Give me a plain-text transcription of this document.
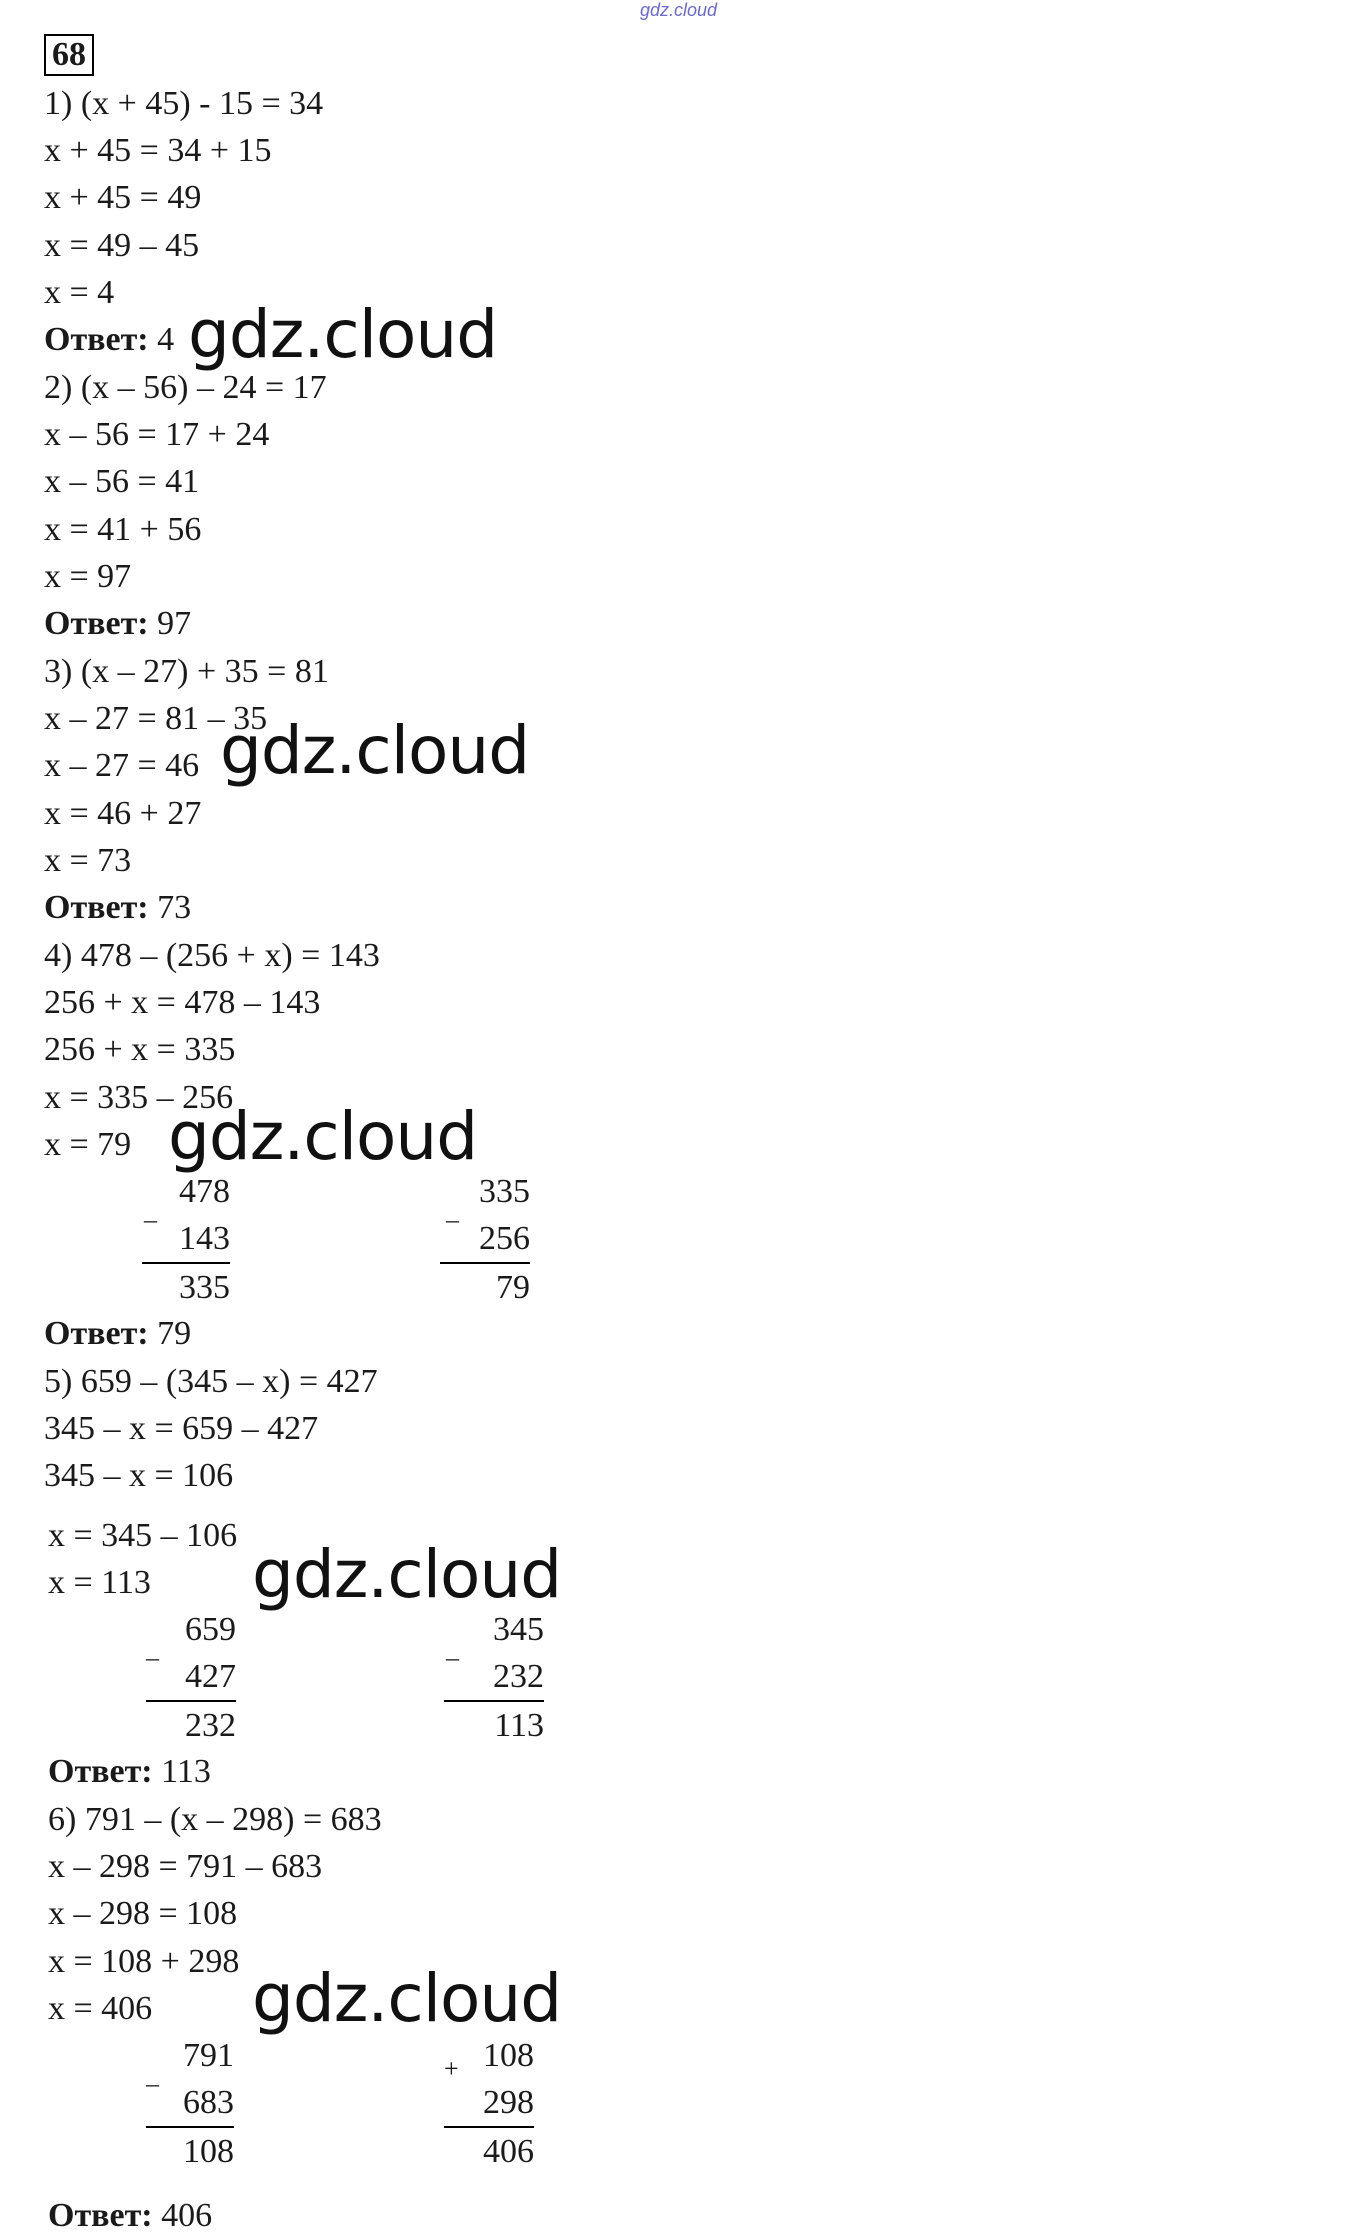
gdz.cloud
68
1) (x + 45) - 15 = 34
x + 45 = 34 + 15
x + 45 = 49
x = 49 – 45
x = 4
Ответ: 4
2) (x – 56) – 24 = 17
x – 56 = 17 + 24
x – 56 = 41
x = 41 + 56
x = 97
Ответ: 97
3) (x – 27) + 35 = 81
x – 27 = 81 – 35
x – 27 = 46
x = 46 + 27
x = 73
Ответ: 73
4) 478 – (256 + x) = 143
256 + x = 478 – 143
256 + x = 335
x = 335 – 256
x = 79
_
478
143
335
_
335
256
79
Ответ: 79
5) 659 – (345 – x) = 427
345 – x = 659 – 427
345 – x = 106
x = 345 – 106
x = 113
_
659
427
232
_
345
232
113
Ответ: 113
6) 791 – (x – 298) = 683
x – 298 = 791 – 683
x – 298 = 108
x = 108 + 298
x = 406
_
791
683
108
+ 108
298
406
Ответ: 406
gdz.cloud
gdz.cloud
gdz.cloud
gdz.cloud
gdz.cloud
